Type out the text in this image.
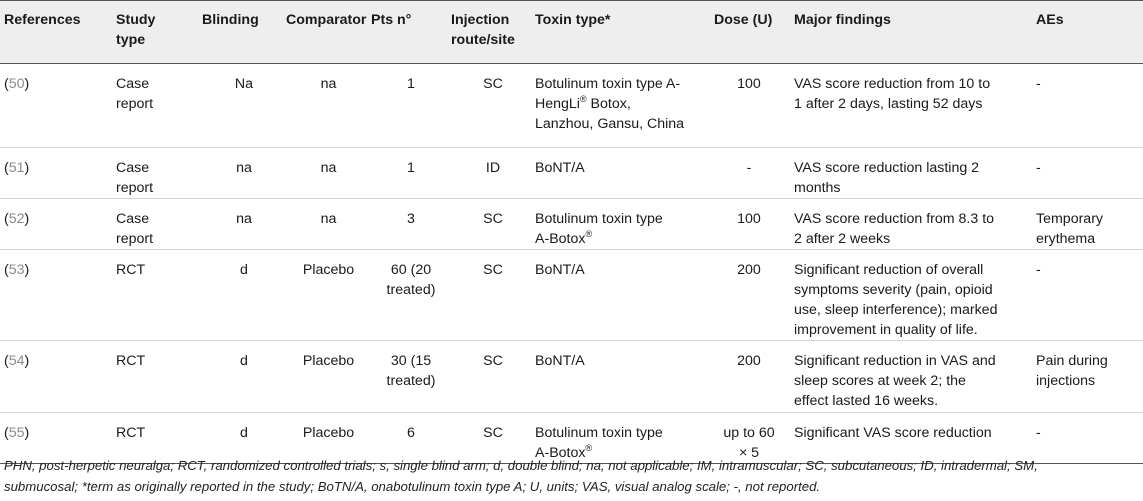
References	Study
type	Blinding	Comparator	Pts n°	Injection
route/site	Toxin type*	Dose (U)	Major findings	AEs
(50)	Case
report	Na	na	1	SC	Botulinum toxin type A-
HengLi® Botox,
Lanzhou, Gansu, China	100	VAS score reduction from 10 to
1 after 2 days, lasting 52 days	-
(51)	Case
report	na	na	1	ID	BoNT/A	-	VAS score reduction lasting 2
months	-
(52)	Case
report	na	na	3	SC	Botulinum toxin type
A-Botox®	100	VAS score reduction from 8.3 to
2 after 2 weeks	Temporary
erythema
(53)	RCT	d	Placebo	60 (20
treated)	SC	BoNT/A	200	Significant reduction of overall
symptoms severity (pain, opioid
use, sleep interference); marked
improvement in quality of life.	-
(54)	RCT	d	Placebo	30 (15
treated)	SC	BoNT/A	200	Significant reduction in VAS and
sleep scores at week 2; the
effect lasted 16 weeks.	Pain during
injections
(55)	RCT	d	Placebo	6	SC	Botulinum toxin type
A-Botox®	up to 60
× 5	Significant VAS score reduction	-
PHN, post-herpetic neuralga; RCT, randomized controlled trials; s, single blind arm; d, double blind; na, not applicable; IM, intramuscular; SC, subcutaneous; ID, intradermal; SM,
submucosal; *term as originally reported in the study; BoTN/A, onabotulinum toxin type A; U, units; VAS, visual analog scale; -, not reported.
